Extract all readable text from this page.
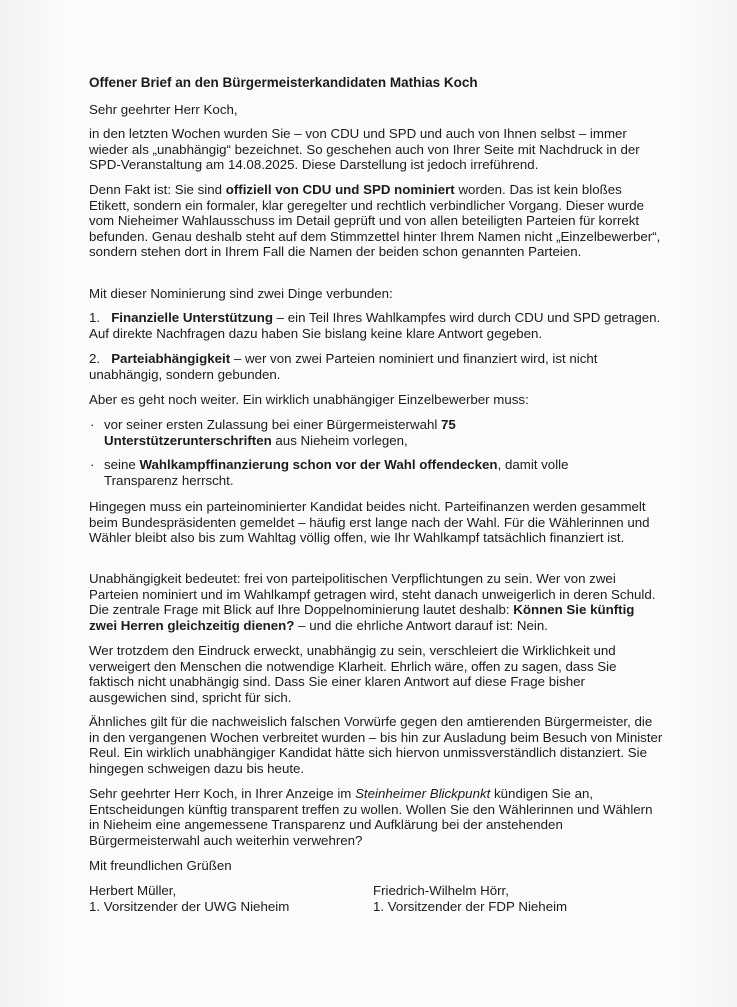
Offener Brief an den Bürgermeisterkandidaten Mathias Koch
Sehr geehrter Herr Koch,

in den letzten Wochen wurden Sie – von CDU und SPD und auch von Ihnen selbst – immer wieder als „unabhängig“ bezeichnet. So geschehen auch von Ihrer Seite mit Nachdruck in der SPD-Veranstaltung am 14.08.2025. Diese Darstellung ist jedoch irreführend.

Denn Fakt ist: Sie sind offiziell von CDU und SPD nominiert worden. Das ist kein bloßes Etikett, sondern ein formaler, klar geregelter und rechtlich verbindlicher Vorgang. Dieser wurde vom Nieheimer Wahlausschuss im Detail geprüft und von allen beteiligten Parteien für korrekt befunden. Genau deshalb steht auf dem Stimmzettel hinter Ihrem Namen nicht „Einzelbewerber“, sondern stehen dort in Ihrem Fall die Namen der beiden schon genannten Parteien.

Mit dieser Nominierung sind zwei Dinge verbunden:

1.   Finanzielle Unterstützung – ein Teil Ihres Wahlkampfes wird durch CDU und SPD getragen. Auf direkte Nachfragen dazu haben Sie bislang keine klare Antwort gegeben.

2.   Parteiabhängigkeit – wer von zwei Parteien nominiert und finanziert wird, ist nicht unabhängig, sondern gebunden.

Aber es geht noch weiter. Ein wirklich unabhängiger Einzelbewerber muss:

· vor seiner ersten Zulassung bei einer Bürgermeisterwahl 75 Unterstützerunterschriften aus Nieheim vorlegen,

· seine Wahlkampffinanzierung schon vor der Wahl offendecken, damit volle Transparenz herrscht.

Hingegen muss ein parteinominierter Kandidat beides nicht. Parteifinanzen werden gesammelt beim Bundespräsidenten gemeldet – häufig erst lange nach der Wahl. Für die Wählerinnen und Wähler bleibt also bis zum Wahltag völlig offen, wie Ihr Wahlkampf tatsächlich finanziert ist.

Unabhängigkeit bedeutet: frei von parteipolitischen Verpflichtungen zu sein. Wer von zwei Parteien nominiert und im Wahlkampf getragen wird, steht danach unweigerlich in deren Schuld. Die zentrale Frage mit Blick auf Ihre Doppelnominierung lautet deshalb: Können Sie künftig zwei Herren gleichzeitig dienen? – und die ehrliche Antwort darauf ist: Nein.

Wer trotzdem den Eindruck erweckt, unabhängig zu sein, verschleiert die Wirklichkeit und verweigert den Menschen die notwendige Klarheit. Ehrlich wäre, offen zu sagen, dass Sie faktisch nicht unabhängig sind. Dass Sie einer klaren Antwort auf diese Frage bisher ausgewichen sind, spricht für sich.

Ähnliches gilt für die nachweislich falschen Vorwürfe gegen den amtierenden Bürgermeister, die in den vergangenen Wochen verbreitet wurden – bis hin zur Ausladung beim Besuch von Minister Reul. Ein wirklich unabhängiger Kandidat hätte sich hiervon unmissverständlich distanziert. Sie hingegen schweigen dazu bis heute.

Sehr geehrter Herr Koch, in Ihrer Anzeige im Steinheimer Blickpunkt kündigen Sie an, Entscheidungen künftig transparent treffen zu wollen. Wollen Sie den Wählerinnen und Wählern in Nieheim eine angemessene Transparenz und Aufklärung bei der anstehenden Bürgermeisterwahl auch weiterhin verwehren?

Mit freundlichen Grüßen
Herbert Müller,
1. Vorsitzender der UWG Nieheim
Friedrich-Wilhelm Hörr,
1. Vorsitzender der FDP Nieheim
